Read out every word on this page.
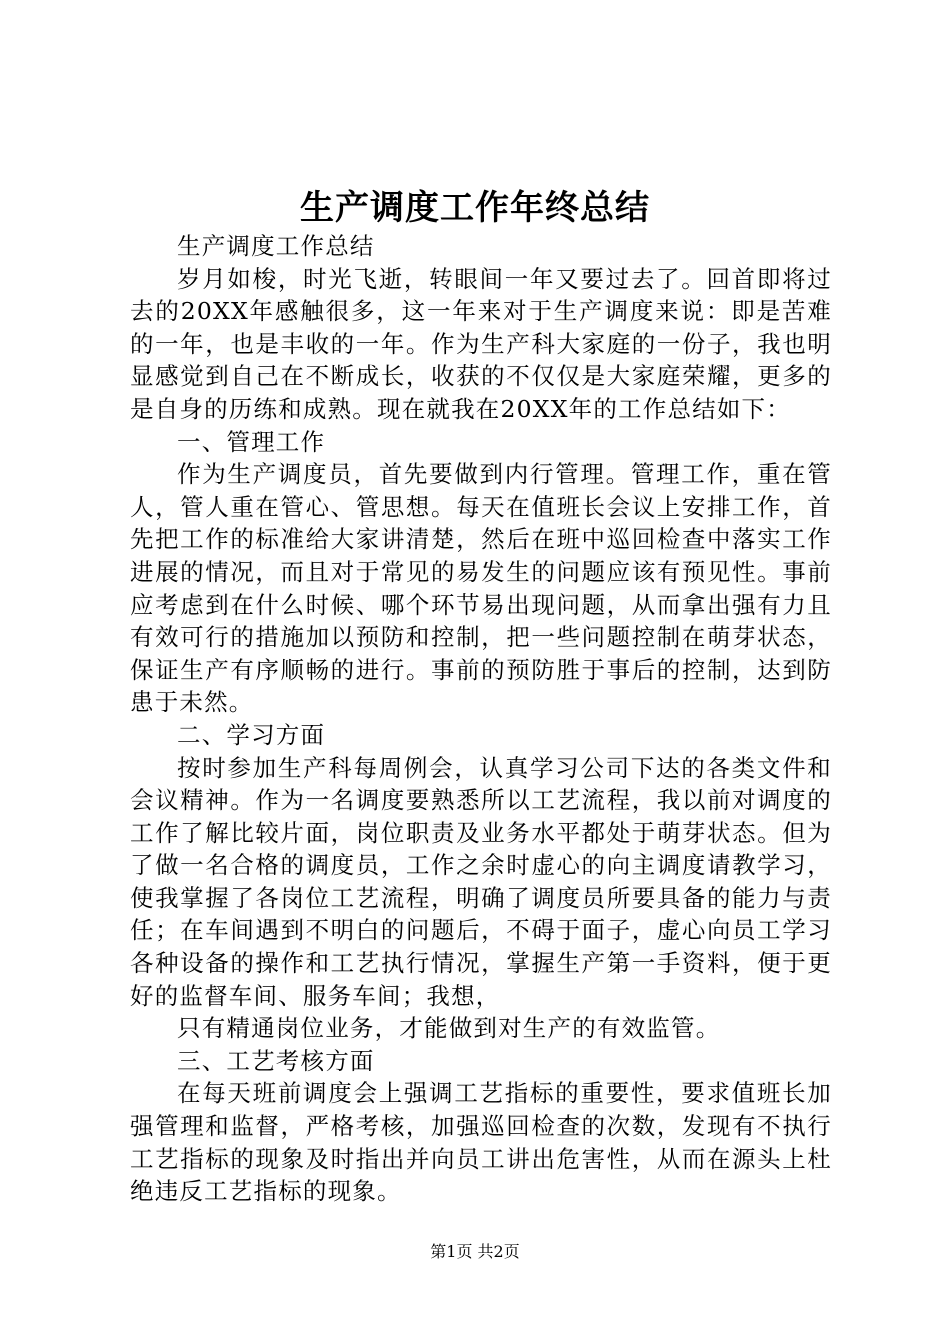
生产调度工作年终总结

生产调度工作总结

岁月如梭，时光飞逝，转眼间一年又要过去了。回首即将过去的20XX年感触很多，这一年来对于生产调度来说：即是苦难的一年，也是丰收的一年。作为生产科大家庭的一份子，我也明显感觉到自己在不断成长，收获的不仅仅是大家庭荣耀，更多的是自身的历练和成熟。现在就我在20XX年的工作总结如下：

一、管理工作

作为生产调度员，首先要做到内行管理。管理工作，重在管人，管人重在管心、管思想。每天在值班长会议上安排工作，首先把工作的标准给大家讲清楚，然后在班中巡回检查中落实工作进展的情况，而且对于常见的易发生的问题应该有预见性。事前应考虑到在什么时候、哪个环节易出现问题，从而拿出强有力且有效可行的措施加以预防和控制，把一些问题控制在萌芽状态，保证生产有序顺畅的进行。事前的预防胜于事后的控制，达到防患于未然。

二、学习方面

按时参加生产科每周例会，认真学习公司下达的各类文件和会议精神。作为一名调度要熟悉所以工艺流程，我以前对调度的工作了解比较片面，岗位职责及业务水平都处于萌芽状态。但为了做一名合格的调度员，工作之余时虚心的向主调度请教学习，使我掌握了各岗位工艺流程，明确了调度员所要具备的能力与责任；在车间遇到不明白的问题后，不碍于面子，虚心向员工学习各种设备的操作和工艺执行情况，掌握生产第一手资料，便于更好的监督车间、服务车间；我想，

只有精通岗位业务，才能做到对生产的有效监管。

三、工艺考核方面

在每天班前调度会上强调工艺指标的重要性，要求值班长加强管理和监督，严格考核，加强巡回检查的次数，发现有不执行工艺指标的现象及时指出并向员工讲出危害性，从而在源头上杜绝违反工艺指标的现象。

第1页 共2页
